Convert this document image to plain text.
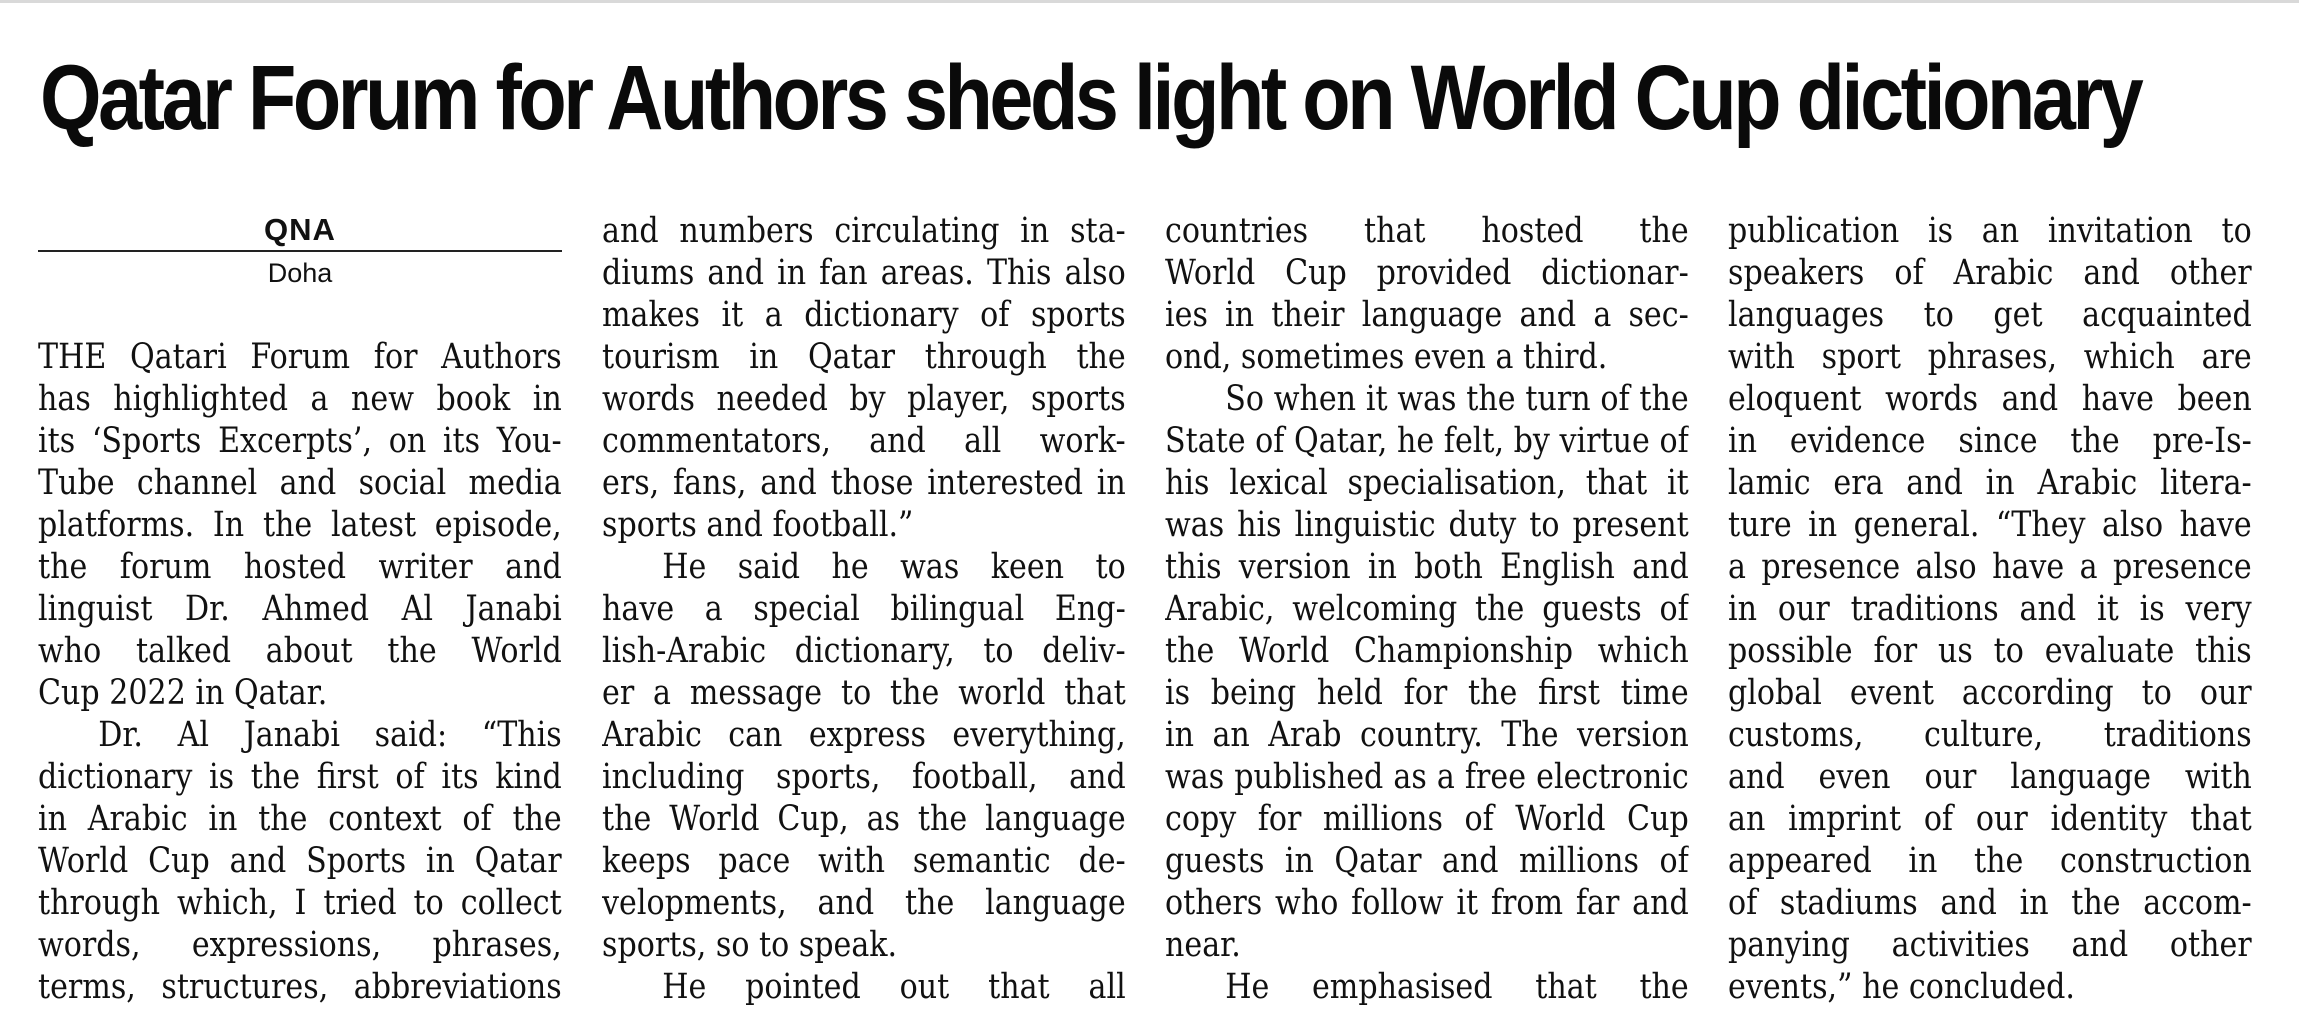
Qatar Forum for Authors sheds light on World Cup dictionary
QNA
Doha
THE Qatari Forum for Authors
has highlighted a new book in
its ‘Sports Excerpts’, on its You-
Tube channel and social media
platforms. In the latest episode,
the forum hosted writer and
linguist Dr. Ahmed Al Janabi
who talked about the World
Cup 2022 in Qatar.
Dr. Al Janabi said: “This
dictionary is the first of its kind
in Arabic in the context of the
World Cup and Sports in Qatar
through which, I tried to collect
words, expressions, phrases,
terms, structures, abbreviations
and numbers circulating in sta-
diums and in fan areas. This also
makes it a dictionary of sports
tourism in Qatar through the
words needed by player, sports
commentators, and all work-
ers, fans, and those interested in
sports and football.”
He said he was keen to
have a special bilingual Eng-
lish-Arabic dictionary, to deliv-
er a message to the world that
Arabic can express everything,
including sports, football, and
the World Cup, as the language
keeps pace with semantic de-
velopments, and the language
sports, so to speak.
He pointed out that all
countries that hosted the
World Cup provided dictionar-
ies in their language and a sec-
ond, sometimes even a third.
So when it was the turn of the
State of Qatar, he felt, by virtue of
his lexical specialisation, that it
was his linguistic duty to present
this version in both English and
Arabic, welcoming the guests of
the World Championship which
is being held for the first time
in an Arab country. The version
was published as a free electronic
copy for millions of World Cup
guests in Qatar and millions of
others who follow it from far and
near.
He emphasised that the
publication is an invitation to
speakers of Arabic and other
languages to get acquainted
with sport phrases, which are
eloquent words and have been
in evidence since the pre-Is-
lamic era and in Arabic litera-
ture in general. “They also have
a presence also have a presence
in our traditions and it is very
possible for us to evaluate this
global event according to our
customs, culture, traditions
and even our language with
an imprint of our identity that
appeared in the construction
of stadiums and in the accom-
panying activities and other
events,” he concluded.
